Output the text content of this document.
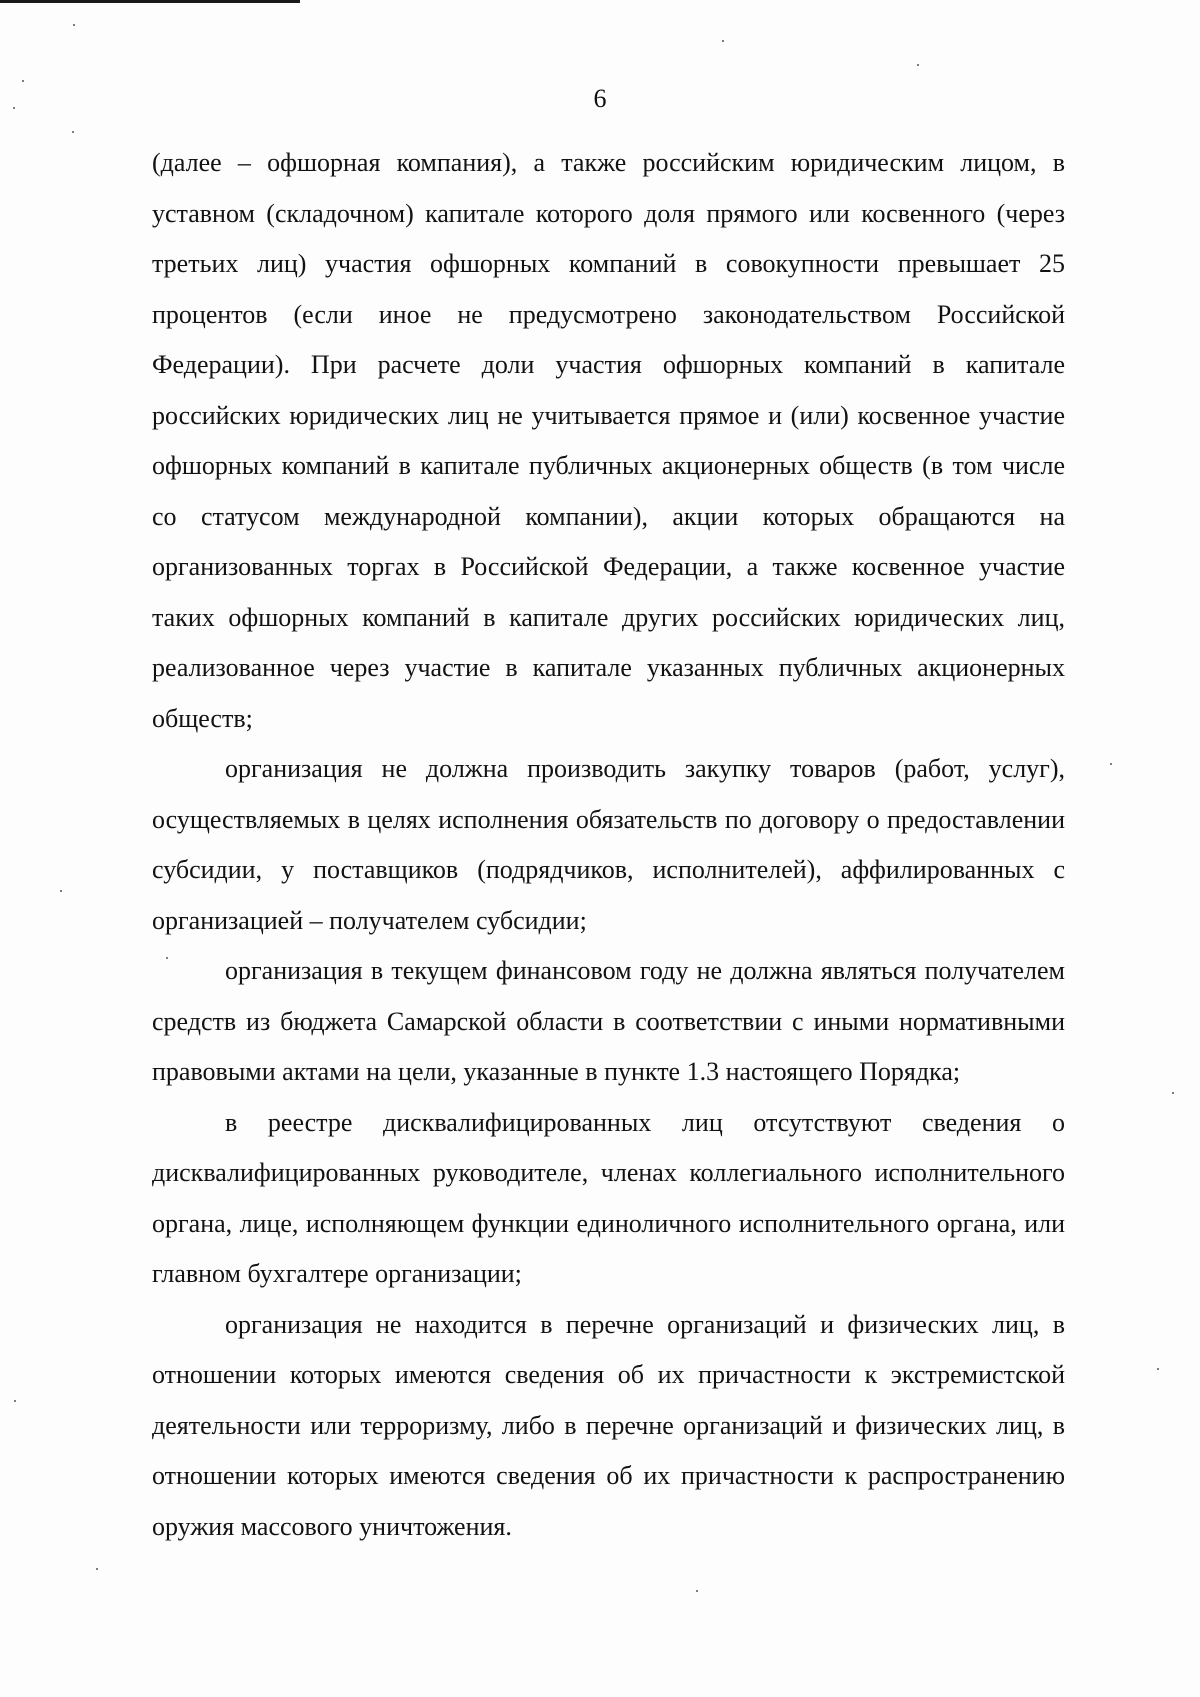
6

(далее – офшорная компания), а также российским юридическим лицом, в уставном (складочном) капитале которого доля прямого или косвенного (через третьих лиц) участия офшорных компаний в совокупности превышает 25 процентов (если иное не предусмотрено законодательством Российской Федерации). При расчете доли участия офшорных компаний в капитале российских юридических лиц не учитывается прямое и (или) косвенное участие офшорных компаний в капитале публичных акционерных обществ (в том числе со статусом международной компании), акции которых обращаются на организованных торгах в Российской Федерации, а также косвенное участие таких офшорных компаний в капитале других российских юридических лиц, реализованное через участие в капитале указанных публичных акционерных обществ;

организация не должна производить закупку товаров (работ, услуг), осуществляемых в целях исполнения обязательств по договору о предоставлении субсидии, у поставщиков (подрядчиков, исполнителей), аффилированных с организацией – получателем субсидии;

организация в текущем финансовом году не должна являться получателем средств из бюджета Самарской области в соответствии с иными нормативными правовыми актами на цели, указанные в пункте 1.3 настоящего Порядка;

в реестре дисквалифицированных лиц отсутствуют сведения о дисквалифицированных руководителе, членах коллегиального исполнительного органа, лице, исполняющем функции единоличного исполнительного органа, или главном бухгалтере организации;

организация не находится в перечне организаций и физических лиц, в отношении которых имеются сведения об их причастности к экстремистской деятельности или терроризму, либо в перечне организаций и физических лиц, в отношении которых имеются сведения об их причастности к распространению оружия массового уничтожения.
